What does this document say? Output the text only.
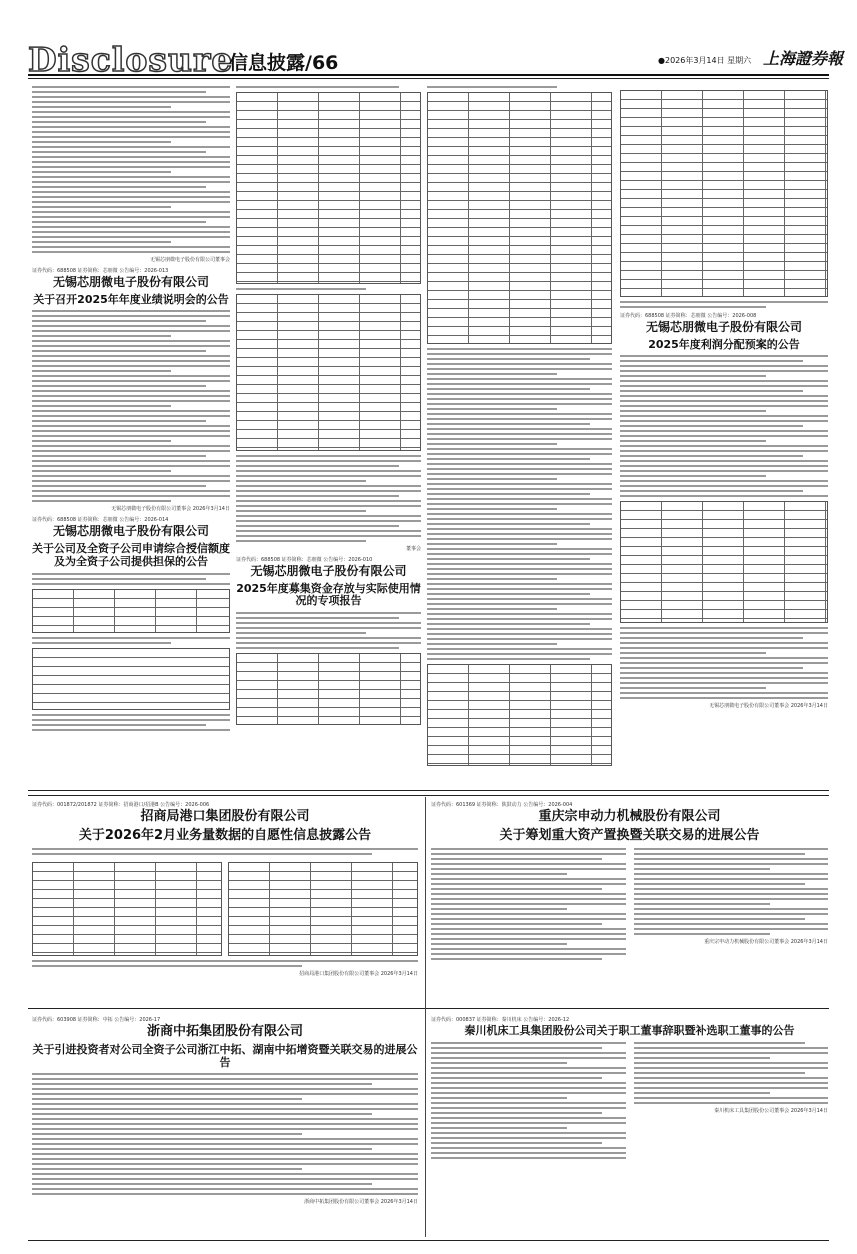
Disclosure
信息披露/66	●2026年3月14日 星期六 上海證券報
无锡芯朋微电子股份有限公司董事会
证券代码：688508 证券简称：芯朋微 公告编号：2026-013
无锡芯朋微电子股份有限公司
关于召开2025年年度业绩说明会的公告
无锡芯朋微电子股份有限公司董事会 2026年3月14日
证券代码：688508 证券简称：芯朋微 公告编号：2026-014
无锡芯朋微电子股份有限公司
关于公司及全资子公司申请综合授信额度及为全资子公司提供担保的公告
董事会
证券代码：688508 证券简称：芯朋微 公告编号：2026-010
无锡芯朋微电子股份有限公司
2025年度募集资金存放与实际使用情况的专项报告
证券代码：688508 证券简称：芯朋微 公告编号：2026-008
无锡芯朋微电子股份有限公司
2025年度利润分配预案的公告
无锡芯朋微电子股份有限公司董事会 2026年3月14日
证券代码：001872/201872 证券简称：招商港口/招港B 公告编号：2026-006
招商局港口集团股份有限公司
关于2026年2月业务量数据的自愿性信息披露公告
招商局港口集团股份有限公司董事会 2026年3月14日
证券代码：601369 证券简称：陕鼓动力 公告编号：2026-004
重庆宗申动力机械股份有限公司
关于筹划重大资产置换暨关联交易的进展公告
重庆宗申动力机械股份有限公司董事会 2026年3月14日
证券代码：603908 证券简称：中拓 公告编号：2026-17
浙商中拓集团股份有限公司
关于引进投资者对公司全资子公司浙江中拓、湖南中拓增资暨关联交易的进展公告
浙商中拓集团股份有限公司董事会 2026年3月14日
证券代码：000837 证券简称：秦川机床 公告编号：2026-12
秦川机床工具集团股份公司关于职工董事辞职暨补选职工董事的公告
秦川机床工具集团股份公司董事会 2026年3月14日
